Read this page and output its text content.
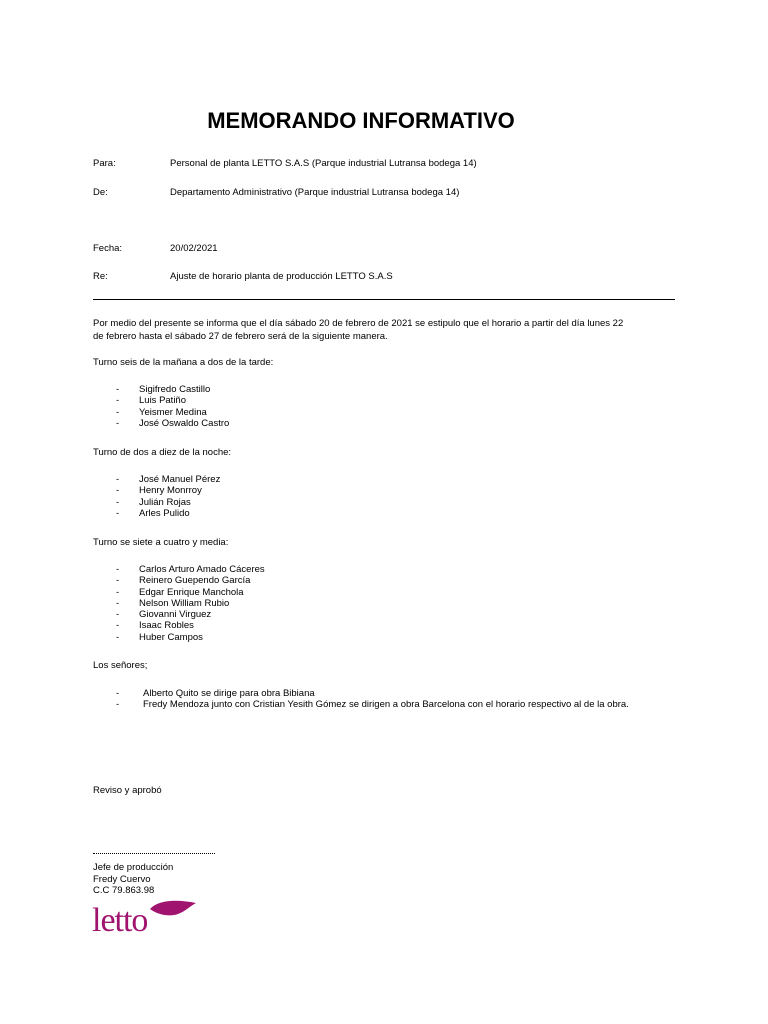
MEMORANDO INFORMATIVO
Para:	Personal de planta LETTO S.A.S (Parque industrial Lutransa bodega 14)
De:	Departamento Administrativo (Parque industrial Lutransa bodega 14)
Fecha:	20/02/2021
Re:	Ajuste de horario planta de producción LETTO S.A.S
Por medio del presente se informa que el día sábado 20 de febrero de 2021 se estipulo que el horario a partir del día lunes 22
de febrero hasta el sábado 27 de febrero será de la siguiente manera.
Turno seis de la mañana a dos de la tarde:
- Sigifredo Castillo
- Luis Patiño
- Yeismer Medina
- José Oswaldo Castro
Turno de dos a diez de la noche:
- José Manuel Pérez
- Henry Monrroy
- Julián Rojas
- Arles Pulido
Turno se siete a cuatro y media:
- Carlos Arturo Amado Cáceres
- Reinero Guependo García
- Edgar Enrique Manchola
- Nelson William Rubio
- Giovanni Virguez
- Isaac Robles
- Huber Campos
Los señores;
-	Alberto Quito se dirige para obra Bibiana
-	Fredy Mendoza junto con Cristian Yesith Gómez se dirigen a obra Barcelona con el horario respectivo al de la obra.
Reviso y aprobó
Jefe de producción
Fredy Cuervo
C.C 79.863.98
letto
